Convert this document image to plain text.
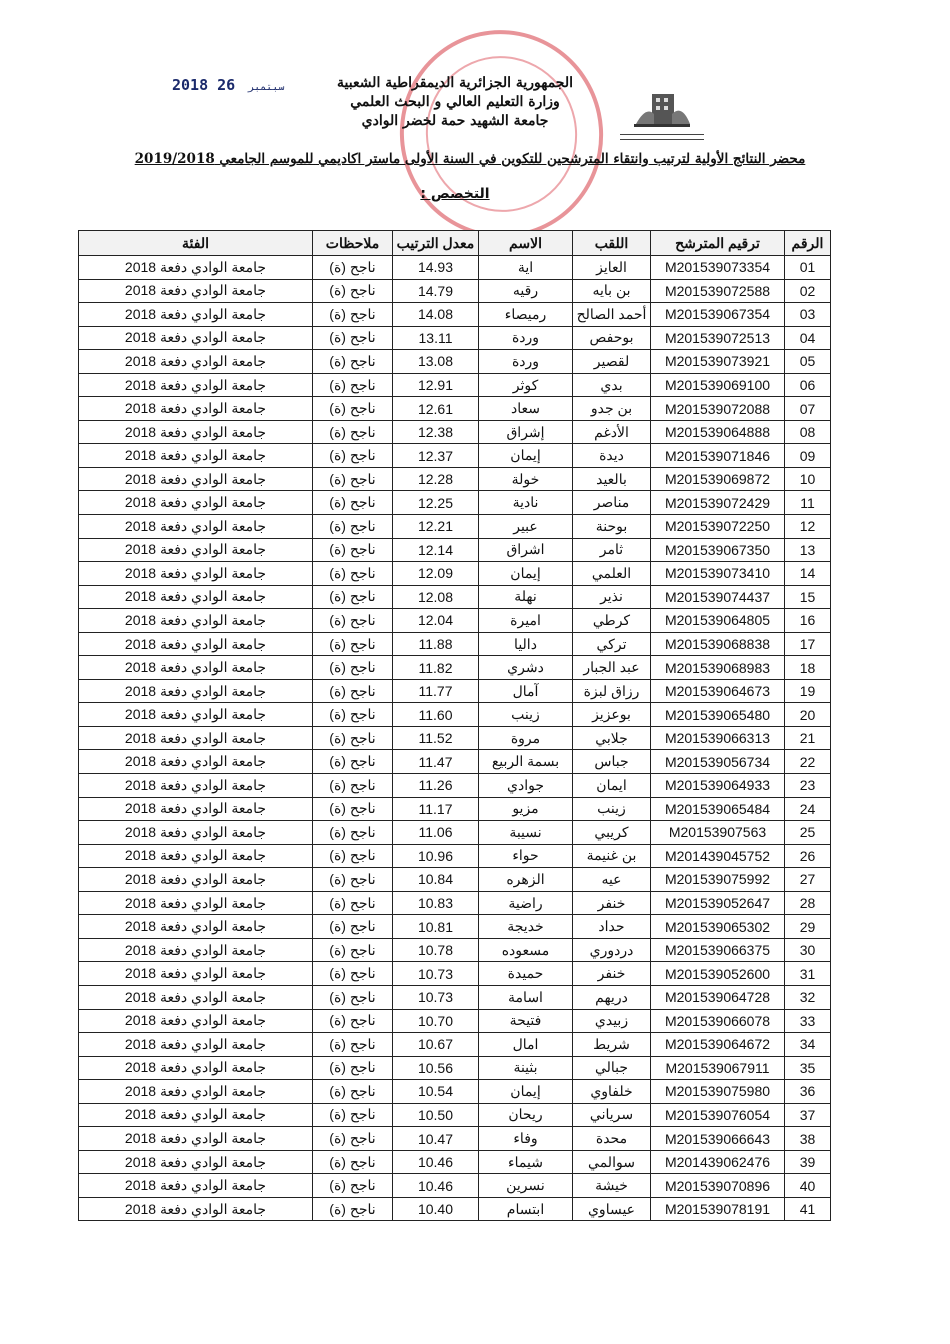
2018	سبتمبر 26	الجمهورية الجزائرية الديمقراطية الشعبية
وزارة التعليم العالي و البحث العلمي
جامعة الشهيد حمة لخضر الوادي
محضر النتائج الأولية لترتيب وانتقاء المترشحين للتكوين في السنة الأولى ماستر اكاديمي للموسم الجامعي 2019/2018
التخصص :
الرقم	ترقيم المترشح	اللقب	الاسم	معدل الترتيب	ملاحظات	الفئة
01	M201539073354	العايز	اية	14.93	ناجح (ة)	جامعة الوادي دفعة 2018
02	M201539072588	بن بايه	رقيه	14.79	ناجح (ة)	جامعة الوادي دفعة 2018
03	M201539067354	أحمد الصالح	رميصاء	14.08	ناجح (ة)	جامعة الوادي دفعة 2018
04	M201539072513	بوحفص	وردة	13.11	ناجح (ة)	جامعة الوادي دفعة 2018
05	M201539073921	لقصير	وردة	13.08	ناجح (ة)	جامعة الوادي دفعة 2018
06	M201539069100	بدي	كوثر	12.91	ناجح (ة)	جامعة الوادي دفعة 2018
07	M201539072088	بن جدو	سعاد	12.61	ناجح (ة)	جامعة الوادي دفعة 2018
08	M201539064888	الأدغم	إشراق	12.38	ناجح (ة)	جامعة الوادي دفعة 2018
09	M201539071846	ديدة	إيمان	12.37	ناجح (ة)	جامعة الوادي دفعة 2018
10	M201539069872	بالعيد	خولة	12.28	ناجح (ة)	جامعة الوادي دفعة 2018
11	M201539072429	مناصر	نادية	12.25	ناجح (ة)	جامعة الوادي دفعة 2018
12	M201539072250	بوحنة	عبير	12.21	ناجح (ة)	جامعة الوادي دفعة 2018
13	M201539067350	ثامر	اشراق	12.14	ناجح (ة)	جامعة الوادي دفعة 2018
14	M201539073410	العلمي	إيمان	12.09	ناجح (ة)	جامعة الوادي دفعة 2018
15	M201539074437	نذير	نهلة	12.08	ناجح (ة)	جامعة الوادي دفعة 2018
16	M201539064805	كرطي	اميرة	12.04	ناجح (ة)	جامعة الوادي دفعة 2018
17	M201539068838	تركي	داليا	11.88	ناجح (ة)	جامعة الوادي دفعة 2018
18	M201539068983	عبد الجبار	دشري	11.82	ناجح (ة)	جامعة الوادي دفعة 2018
19	M201539064673	رزاق لبزة	آمال	11.77	ناجح (ة)	جامعة الوادي دفعة 2018
20	M201539065480	بوعزيز	زينب	11.60	ناجح (ة)	جامعة الوادي دفعة 2018
21	M201539066313	جلابي	مروة	11.52	ناجح (ة)	جامعة الوادي دفعة 2018
22	M201539056734	جباس	بسمة الربيع	11.47	ناجح (ة)	جامعة الوادي دفعة 2018
23	M201539064933	ايمان	جوادي	11.26	ناجح (ة)	جامعة الوادي دفعة 2018
24	M201539065484	زينب	مزيو	11.17	ناجح (ة)	جامعة الوادي دفعة 2018
25	M20153907563	كريبي	نسيبة	11.06	ناجح (ة)	جامعة الوادي دفعة 2018
26	M201439045752	بن غنيمة	حواء	10.96	ناجح (ة)	جامعة الوادي دفعة 2018
27	M201539075992	عيه	الزهره	10.84	ناجح (ة)	جامعة الوادي دفعة 2018
28	M201539052647	خنفر	راضية	10.83	ناجح (ة)	جامعة الوادي دفعة 2018
29	M201539065302	حداد	خديجة	10.81	ناجح (ة)	جامعة الوادي دفعة 2018
30	M201539066375	دردوري	مسعوده	10.78	ناجح (ة)	جامعة الوادي دفعة 2018
31	M201539052600	خنفر	حميدة	10.73	ناجح (ة)	جامعة الوادي دفعة 2018
32	M201539064728	دريهم	اسامة	10.73	ناجح (ة)	جامعة الوادي دفعة 2018
33	M201539066078	زبيدي	فتيحة	10.70	ناجح (ة)	جامعة الوادي دفعة 2018
34	M201539064672	شريط	امال	10.67	ناجح (ة)	جامعة الوادي دفعة 2018
35	M201539067911	جبالي	بثينة	10.56	ناجح (ة)	جامعة الوادي دفعة 2018
36	M201539075980	خلفاوي	إيمان	10.54	ناجح (ة)	جامعة الوادي دفعة 2018
37	M201539076054	سرياني	ريحان	10.50	ناجح (ة)	جامعة الوادي دفعة 2018
38	M201539066643	محدة	وفاء	10.47	ناجح (ة)	جامعة الوادي دفعة 2018
39	M201439062476	سوالمي	شيماء	10.46	ناجح (ة)	جامعة الوادي دفعة 2018
40	M201539070896	خيشة	نسرين	10.46	ناجح (ة)	جامعة الوادي دفعة 2018
41	M201539078191	عيساوي	ابتسام	10.40	ناجح (ة)	جامعة الوادي دفعة 2018
